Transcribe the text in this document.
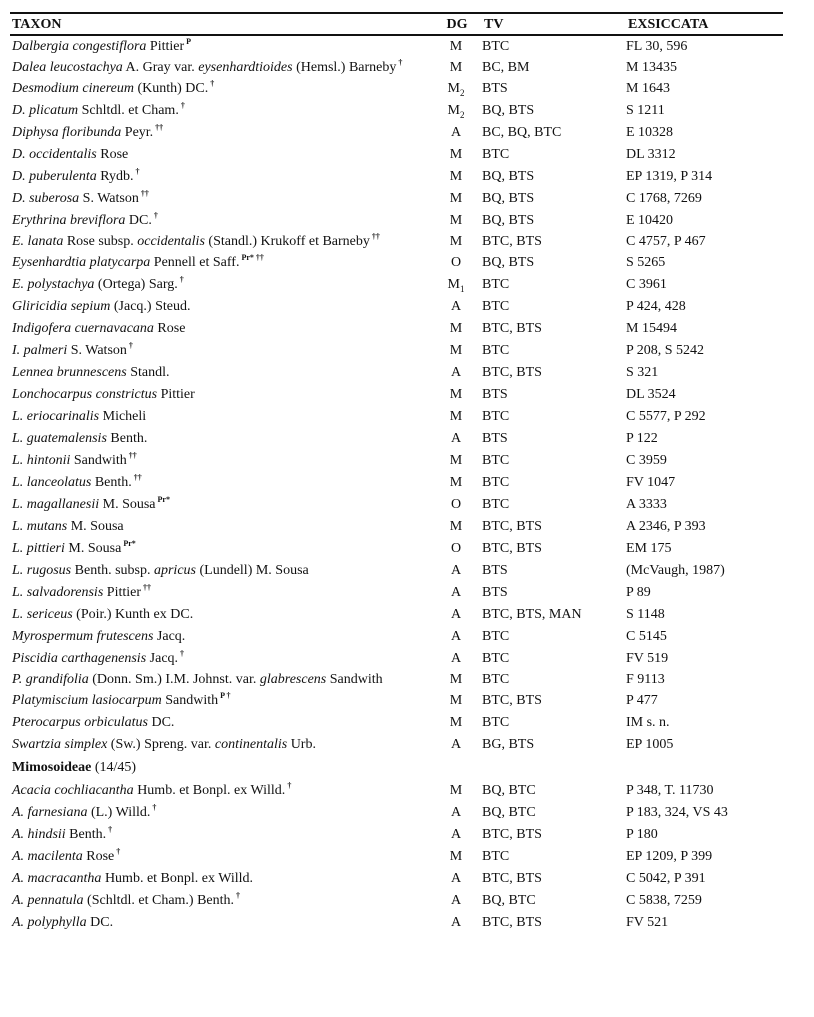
TAXON	DG	TV	EXSICCATA
Dalbergia congestiflora Pittier $^P$	M	BTC	FL 30, 596
Dalea leucostachya A. Gray var. eysenhardtioides (Hemsl.) Barneby †	M	BC, BM	M 13435
Desmodium cinereum (Kunth) DC. †	$M_2$	BTS	M 1643
D. plicatum Schltdl. et Cham. †	$M_2$	BQ, BTS	S 1211
Diphysa floribunda Peyr. ††	A	BC, BQ, BTC	E 10328
D. occidentalis Rose	M	BTC	DL 3312
D. puberulenta Rydb. †	M	BQ, BTS	EP 1319, P 314
D. suberosa S. Watson ††	M	BQ, BTS	C 1768, 7269
Erythrina breviflora DC. †	M	BQ, BTS	E 10420
E. lanata Rose subsp. occidentalis (Standl.) Krukoff et Barneby ††	M	BTC, BTS	C 4757, P 467
Eysenhardtia platycarpa Pennell et Saff. $^{Pr* \dagger\dagger}$	O	BQ, BTS	S 5265
E. polystachya (Ortega) Sarg. †	$M_1$	BTC	C 3961
Gliricidia sepium (Jacq.) Steud.	A	BTC	P 424, 428
Indigofera cuernavacana Rose	M	BTC, BTS	M 15494
I. palmeri S. Watson †	M	BTC	P 208, S 5242
Lennea brunnescens Standl.	A	BTC, BTS	S 321
Lonchocarpus constrictus Pittier	M	BTS	DL 3524
L. eriocarinalis Micheli	M	BTC	C 5577, P 292
L. guatemalensis Benth.	A	BTS	P 122
L. hintonii Sandwith ††	M	BTC	C 3959
L. lanceolatus Benth. ††	M	BTC	FV 1047
L. magallanesii M. Sousa $^{Pr*}$	O	BTC	A 3333
L. mutans M. Sousa	M	BTC, BTS	A 2346, P 393
L. pittieri M. Sousa $^{Pr*}$	O	BTC, BTS	EM 175
L. rugosus Benth. subsp. apricus (Lundell) M. Sousa	A	BTS	(McVaugh, 1987)
L. salvadorensis Pittier ††	A	BTS	P 89
L. sericeus (Poir.) Kunth ex DC.	A	BTC, BTS, MAN	S 1148
Myrospermum frutescens Jacq.	A	BTC	C 5145
Piscidia carthagenensis Jacq. †	A	BTC	FV 519
P. grandifolia (Donn. Sm.) I.M. Johnst. var. glabrescens Sandwith	M	BTC	F 9113
Platymiscium lasiocarpum Sandwith $^{P \dagger}$	M	BTC, BTS	P 477
Pterocarpus orbiculatus DC.	M	BTC	IM s. n.
Swartzia simplex (Sw.) Spreng. var. continentalis Urb.	A	BG, BTS	EP 1005
Mimosoideae (14/45)			
Acacia cochliacantha Humb. et Bonpl. ex Willd. †	M	BQ, BTC	P 348, T. 11730
A. farnesiana (L.) Willd. †	A	BQ, BTC	P 183, 324, VS 43
A. hindsii Benth. †	A	BTC, BTS	P 180
A. macilenta Rose †	M	BTC	EP 1209, P 399
A. macracantha Humb. et Bonpl. ex Willd.	A	BTC, BTS	C 5042, P 391
A. pennatula (Schltdl. et Cham.) Benth. †	A	BQ, BTC	C 5838, 7259
A. polyphylla DC.	A	BTC, BTS	FV 521
